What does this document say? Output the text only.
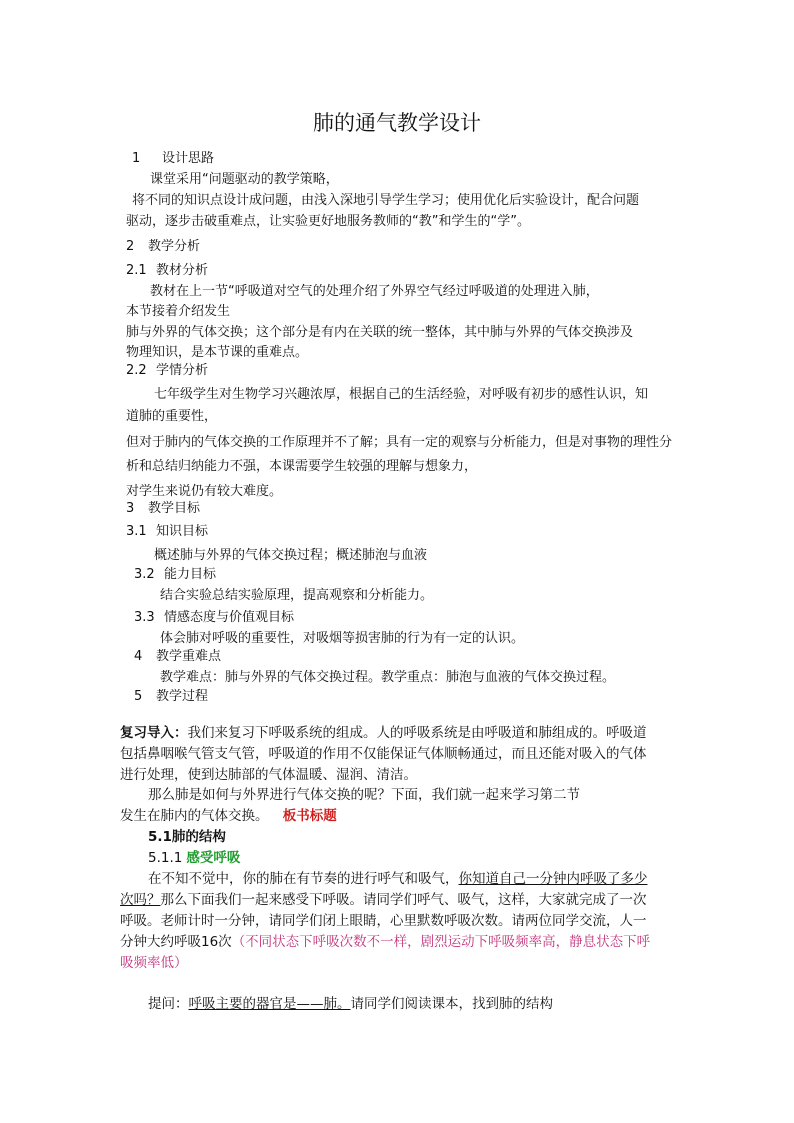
肺的通气教学设计
1 设计思路
课堂采用“问题驱动的教学策略，
将不同的知识点设计成问题，由浅入深地引导学生学习；使用优化后实验设计，配合问题
驱动，逐步击破重难点，让实验更好地服务教师的“教”和学生的“学”。
2 教学分析
2.1 教材分析
教材在上一节“呼吸道对空气的处理介绍了外界空气经过呼吸道的处理进入肺，
本节接着介绍发生
肺与外界的气体交换；这个部分是有内在关联的统一整体，其中肺与外界的气体交换涉及
物理知识，是本节课的重难点。
2.2 学情分析
七年级学生对生物学习兴趣浓厚，根据自己的生活经验，对呼吸有初步的感性认识，知
道肺的重要性，
但对于肺内的气体交换的工作原理并不了解；具有一定的观察与分析能力，但是对事物的理性分
析和总结归纳能力不强，本课需要学生较强的理解与想象力，
对学生来说仍有较大难度。
3 教学目标
3.1 知识目标
概述肺与外界的气体交换过程；概述肺泡与血液
3.2 能力目标
结合实验总结实验原理，提高观察和分析能力。
3.3 情感态度与价值观目标
体会肺对呼吸的重要性，对吸烟等损害肺的行为有一定的认识。
4 教学重难点
教学难点：肺与外界的气体交换过程。教学重点：肺泡与血液的气体交换过程。
5 教学过程
复习导入：我们来复习下呼吸系统的组成。人的呼吸系统是由呼吸道和肺组成的。呼吸道
包括鼻咽喉气管支气管，呼吸道的作用不仅能保证气体顺畅通过，而且还能对吸入的气体
进行处理，使到达肺部的气体温暖、湿润、清洁。
那么肺是如何与外界进行气体交换的呢？下面，我们就一起来学习第二节
发生在肺内的气体交换。 板书标题
5.1肺的结构
5.1.1 感受呼吸
在不知不觉中，你的肺在有节奏的进行呼气和吸气，你知道自己一分钟内呼吸了多少
次吗？那么下面我们一起来感受下呼吸。请同学们呼气、吸气，这样，大家就完成了一次
呼吸。老师计时一分钟，请同学们闭上眼睛，心里默数呼吸次数。请两位同学交流，人一
分钟大约呼吸16次（不同状态下呼吸次数不一样，剧烈运动下呼吸频率高，静息状态下呼
吸频率低）
提问：呼吸主要的器官是——肺。请同学们阅读课本，找到肺的结构
